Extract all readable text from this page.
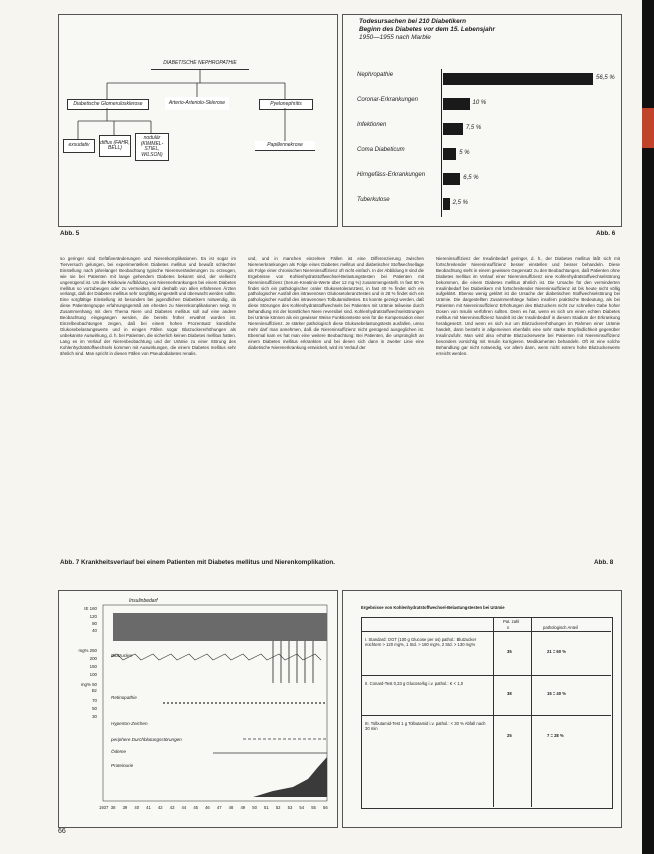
DIABETISCHE NEPHROPATHIE
Diabetische Glomerulosklerose	Arterio-Arteriolo-Sklerose	Pyelonephritis
exsudativ	diffus (FAHR, BELL)
nodulär (KIMMEL-STIEL, WILSON)
Papillennekrose
Abb. 5
Todesursachen bei 210 Diabetikern
Beginn des Diabetes vor dem 15. Lebensjahr
1950—1955 nach Marble
Nephropathie	56,5 %
Coronar-Erkrankungen	10 %
Infektionen	7,5 %
Coma Diabeticum	5 %
Hirngefäss-Erkrankungen	6,5 %
Tuberkulose	2,5 %
Abb. 6
so geringer sind Gefäßveränderungen und Nierenkomplikationen. Es ist sogar im Tierversuch gelungen, bei experimentellem Diabetes mellitus und bewußt schlechter Einstellung nach jahrelanger Beobachtung typische Nierenveränderungen zu erzeugen, wie sie bei Patienten mit lange gehendem Diabetes bekannt sind, der vielleicht ungenügend ist. Um die Risikowie Aufbildung von Nierenerkrankungen bei einem Diabetes mellitus so vorzubeugen oder zu vermeiden, wird deshalb von allen erfahrenen Ärzten verlangt, daß der Diabetes mellitus sehr sorgfältig eingestellt und überwacht werden sollte. Eine sorgfältige Einstellung ist besonders bei jugendlichen Diabetikern notwendig, da diese Patientengruppe erfahrungsgemäß am ehesten zu Nierenkomplikationen neigt. In Zusammenhang mit dem Thema Niere und Diabetes mellitus soll auf eine andere Beobachtung eingegangen werden, die bereits früher erwähnt worden ist. Einzelbeobachtungen zeigen, daß bei einem hohen Prozentsatz künstliche Glukosebelastungswerte und in einigen Fällen sogar Blutzuckererhöhungen als unbekannte Auswirkung, d. h. bei Patienten, die sicherlich keinen Diabetes mellitus hatten. Lang es im Verlauf der Nierenbeobachtung und der Urämie zu einer Störung des Kohlenhydratstoffwechsels kommen mit Auswirkungen, die einem Diabetes mellitus sehr ähnlich sind. Man spricht in diesen Fällen von Pseudodiabetes renalis.
und, und in manchen einzelnen Fällen ist eine Differenzierung zwischen Nierenerkrankungen als Folge eines Diabetes mellitus und diabetischer Stoffwechsellage als Folge einer chronischen Niereninsuffizienz oft nicht einfach. In der Abbildung 8 sind die Ergebnisse von Kohlenhydratstoffwechsel-Belastungstesten bei Patienten mit Niereninsuffizienz (Serum-Kreatinin-Werte über 12 mg %) zusammengestellt. In fast 60 % findet sich ein pathologischer oraler Glukosetoleranztest, in fast 40 % findet sich ein pathologischer Ausfall des intravenösen Glukosetoleranztestes und in 28 % findet sich ein pathologischer Ausfall des intravenösen Tolbutamidtestes. Es konnte gezeigt werden, daß diese Störungen des Kohlenhydratstoffwechsels bei Patienten mit Urämie teilweise durch Behandlung mit der künstlichen Niere reversibel sind. Kohlenhydratstoffwechselstörungen bei Urämie können als ein gewisser Weise Funktionsteste sein für die Kompensation einer Niereninsuffizienz. Je stärker pathologisch diese Glukosebelastungstests ausfallen, umso mehr darf man annehmen, daß die Niereninsuffizienz nicht genügend ausgeglichen ist. Ebenmal kam es hat man eine weitere Beobachtung: Bei Patienten, die ursprünglich an einem Diabetes mellitus erkrankten und bei denen sich dann in zweiter Linie eine diabetische Nierenerkrankung entwickelt, wird im Verlauf der
Niereninsuffizienz der Insulinbedarf geringer, d. h., der Diabetes mellitus läßt sich mit fortschreitender Niereninsuffizienz besser einstellen und besser behandeln. Diese Beobachtung steht in einem gewissen Gegensatz zu den Beobachtungen, daß Patienten ohne Diabetes mellitus im Verlauf einer Niereninsuffizienz eine Kohlenhydratstoffwechselstörung bekommen, die einem Diabetes mellitus ähnlich ist. Die Ursache für den verminderten Insulinbedarf bei Diabetikern mit fortschreitender Niereninsuffizienz ist bis heute nicht völlig aufgeklärt. Ebenso wenig geklärt ist die Ursache der diabetischen Stoffwechselstörung bei Urämie. Die dargestellten Zusammenhänge haben insofern praktische Bedeutung, als bei Patienten mit Niereninsuffizienz Erhöhungen des Blutzuckers nicht zur schnellen Gabe hoher Dosen von Insulin verführen sollten. Denn es hat, wenn es sich um einen echten Diabetes mellitus mit Niereninsuffizienz handelt ist der Insulinbedarf in diesem Stadium der Erkrankung herabgesetzt. Und wenn es sich nur um Blutzuckererhöhungen im Rahmen einer Urämie handelt, dann besteht in allgemeinen ebenfalls eine sehr starke Empfindlichkeit gegenüber Insulinzufuhr. Man wird also erhöhte Blutzuckerwerte bei Patienten mit Niereninsuffizienz besonders vorsichtig mit Insulin korrigieren. Medikamenten behandeln. Oft ist eine solche Behandlung gar nicht notwendig, vor allem dann, wenn nicht extrem hohe Blutzuckerwerte erreicht werden.
Abb. 7 Krankheitsverlauf bei einem Patienten mit Diabetes mellitus und Nierenkomplikation.	Abb. 8
Insulinbedarf
IE 160
120
80
40
mg% 250
200
150
100
mg% 50
Bz
70
50
30
Blutzucker
Retinopathie
Hyperton-Zeichen
periphere Durchblutungsstörungen
Ödeme
Proteinurie
1937 38 39 40 41 42 43 44 45 46 47 48 49 50 51 52 53 54 55 56
Ergebnisse von Kohlenhydratstoffwechsel-Belastungstesten bei Urämie
Pat. zahl
n	pathologisch Anteil
I. Standard: OGT (100 g Glucose per os) pathol.: Blutzucker nüchtern > 120 mg%, 1 Std. > 180 mg%, 2 Std. > 130 mg%
35	21 = 60 %
II. Conard-Test 0,33 g Glucose/kg i.v. pathol.: K < 1,0
38	15 = 40 %
III. Tolbutamid-Test 1 g Tolbutamid i.v. pathol.: < 30 % Abfall nach 30 min
25	7 = 28 %
66
